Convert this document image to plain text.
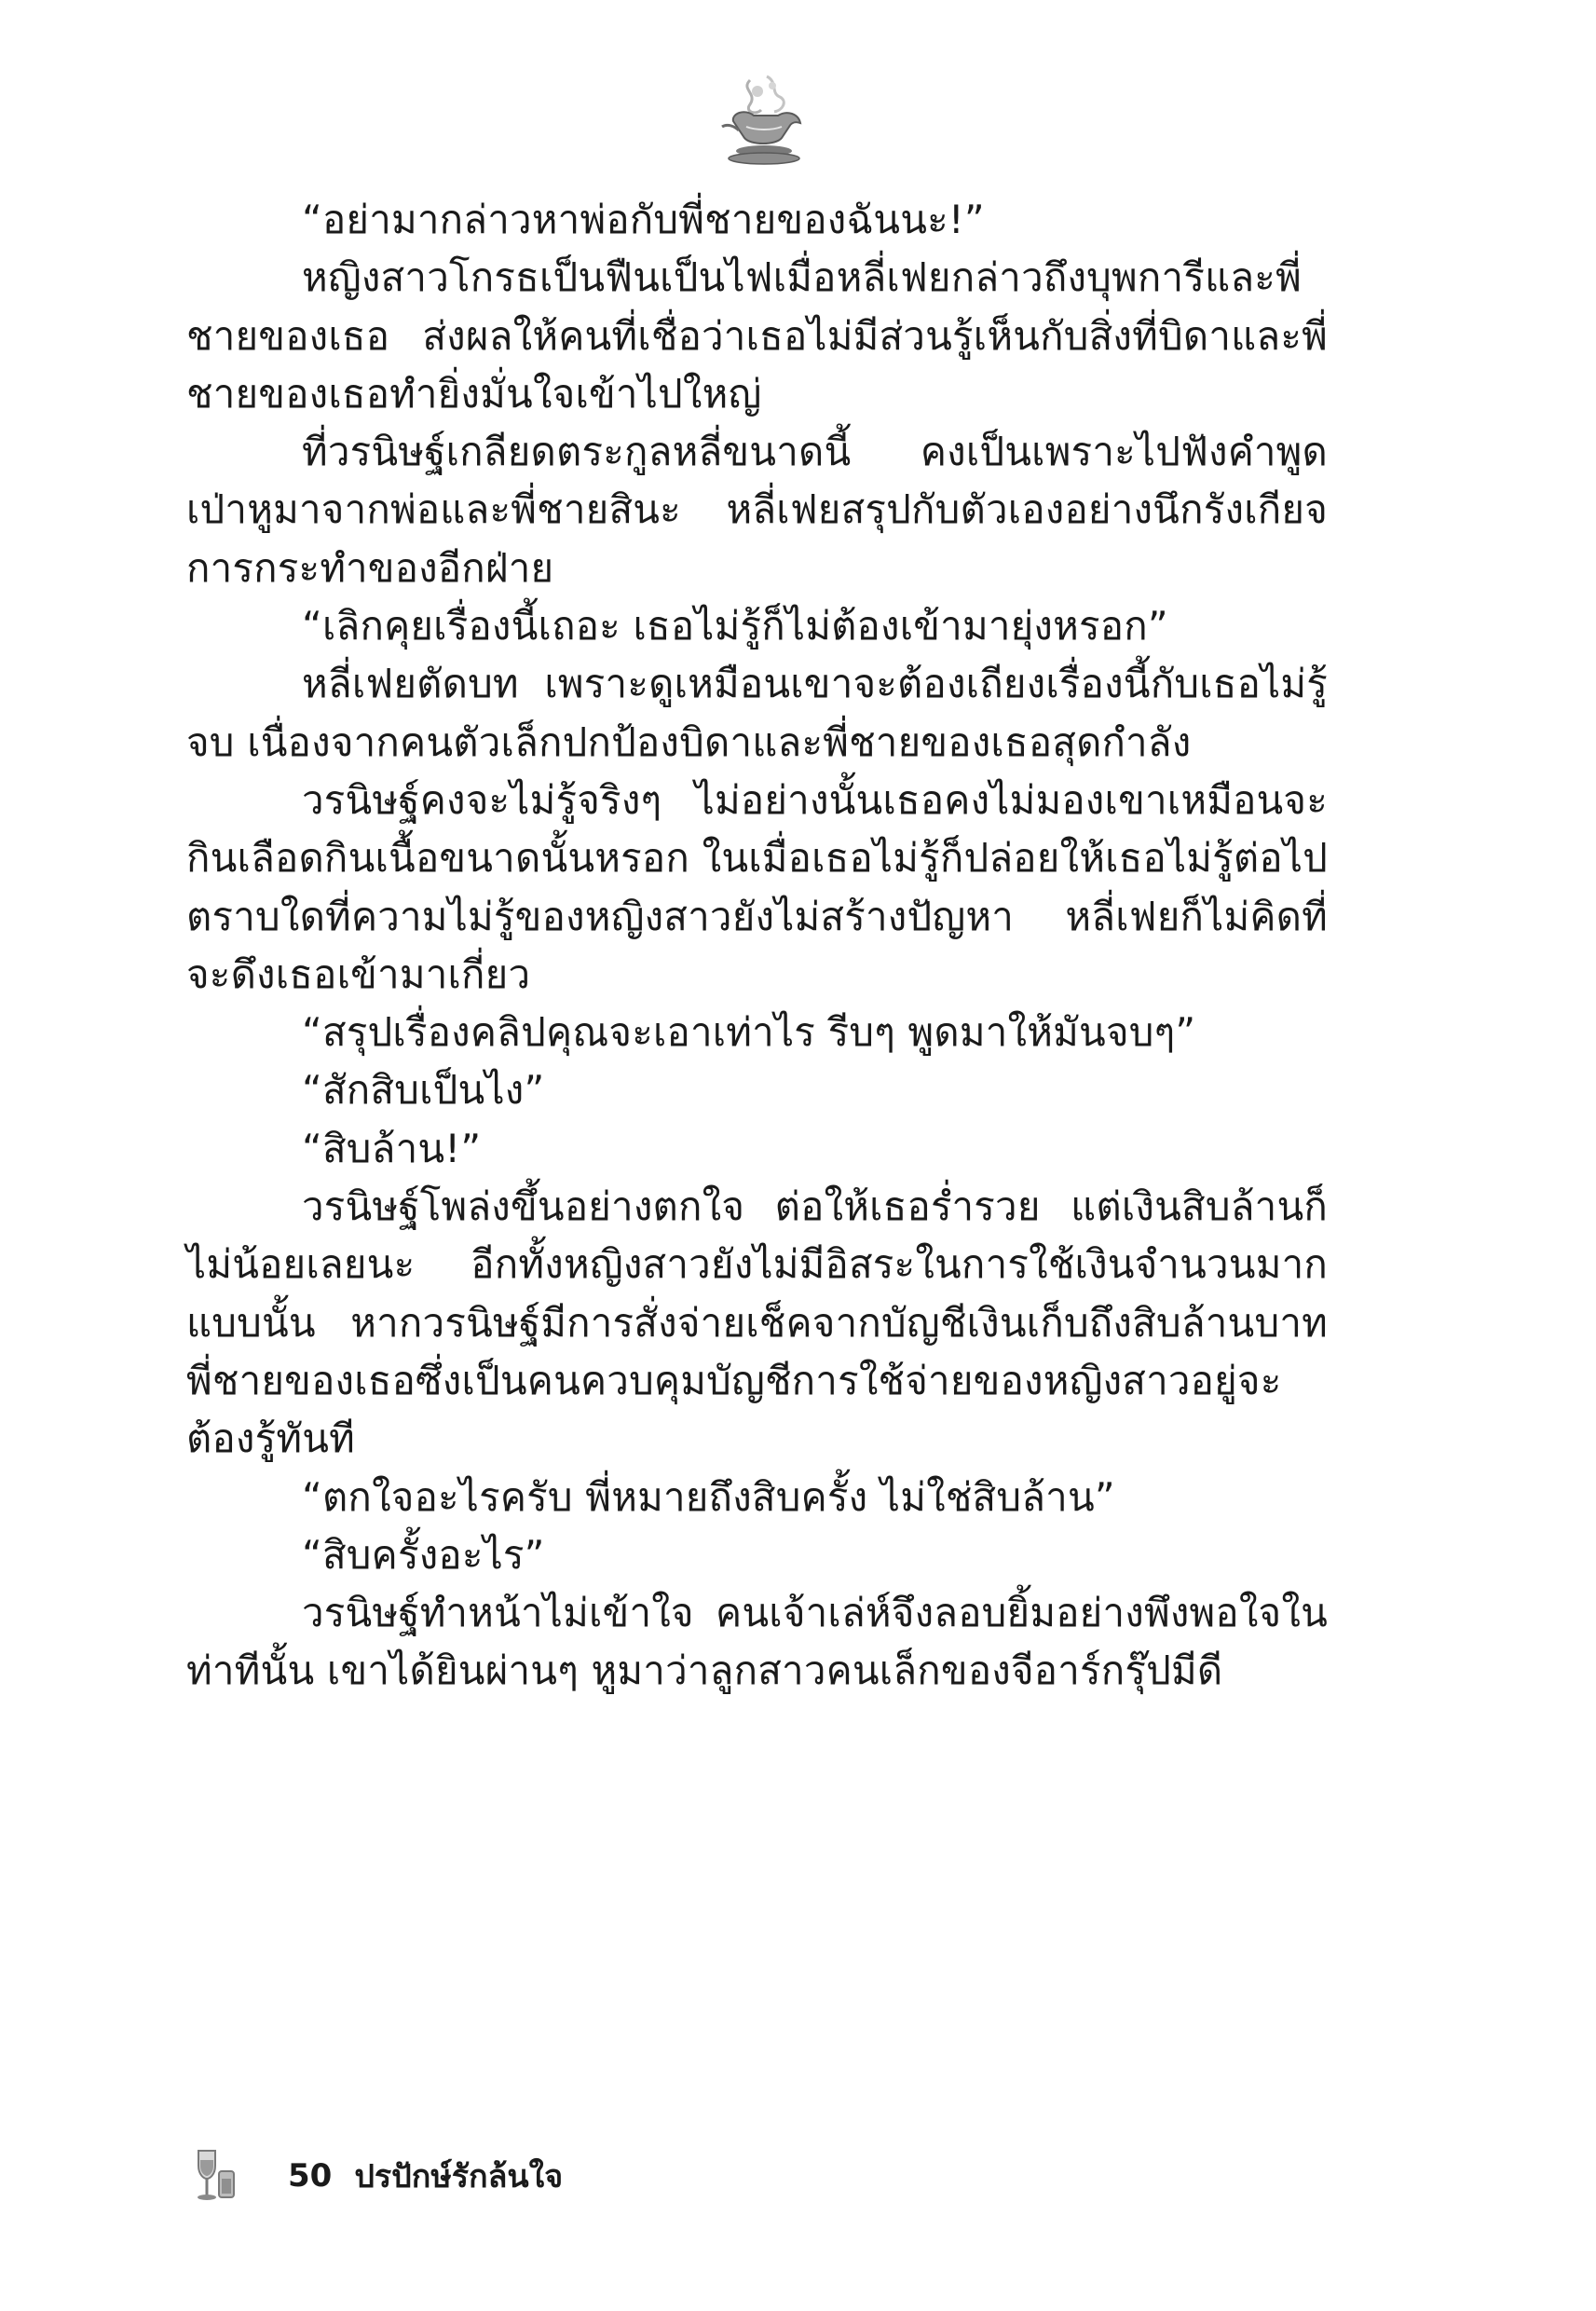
“อย่ามากล่าวหาพ่อกับพี่ชายของฉันนะ!”

หญิงสาวโกรธเป็นฟืนเป็นไฟเมื่อหลี่เฟยกล่าวถึงบุพการีและพี่ชายของเธอ ส่งผลให้คนที่เชื่อว่าเธอไม่มีส่วนรู้เห็นกับสิ่งที่บิดาและพี่ชายของเธอทำยิ่งมั่นใจเข้าไปใหญ่

ที่วรนิษฐ์เกลียดตระกูลหลี่ขนาดนี้ คงเป็นเพราะไปฟังคำพูดเป่าหูมาจากพ่อและพี่ชายสินะ หลี่เฟยสรุปกับตัวเองอย่างนึกรังเกียจการกระทำของอีกฝ่าย

“เลิกคุยเรื่องนี้เถอะ เธอไม่รู้ก็ไม่ต้องเข้ามายุ่งหรอก”

หลี่เฟยตัดบท เพราะดูเหมือนเขาจะต้องเถียงเรื่องนี้กับเธอไม่รู้จบ เนื่องจากคนตัวเล็กปกป้องบิดาและพี่ชายของเธอสุดกำลัง

วรนิษฐ์คงจะไม่รู้จริงๆ ไม่อย่างนั้นเธอคงไม่มองเขาเหมือนจะกินเลือดกินเนื้อขนาดนั้นหรอก ในเมื่อเธอไม่รู้ก็ปล่อยให้เธอไม่รู้ต่อไป ตราบใดที่ความไม่รู้ของหญิงสาวยังไม่สร้างปัญหา หลี่เฟยก็ไม่คิดที่จะดึงเธอเข้ามาเกี่ยว

“สรุปเรื่องคลิปคุณจะเอาเท่าไร รีบๆ พูดมาให้มันจบๆ”

“สักสิบเป็นไง”

“สิบล้าน!”

วรนิษฐ์โพล่งขึ้นอย่างตกใจ ต่อให้เธอร่ำรวย แต่เงินสิบล้านก็ไม่น้อยเลยนะ อีกทั้งหญิงสาวยังไม่มีอิสระในการใช้เงินจำนวนมากแบบนั้น หากวรนิษฐ์มีการสั่งจ่ายเช็คจากบัญชีเงินเก็บถึงสิบล้านบาทพี่ชายของเธอซึ่งเป็นคนควบคุมบัญชีการใช้จ่ายของหญิงสาวอยู่จะต้องรู้ทันที

“ตกใจอะไรครับ พี่หมายถึงสิบครั้ง ไม่ใช่สิบล้าน”

“สิบครั้งอะไร”

วรนิษฐ์ทำหน้าไม่เข้าใจ คนเจ้าเล่ห์จึงลอบยิ้มอย่างพึงพอใจในท่าทีนั้น เขาได้ยินผ่านๆ หูมาว่าลูกสาวคนเล็กของจีอาร์กรุ๊ปมีดี

50 ปรปักษ์รักล้นใจ
